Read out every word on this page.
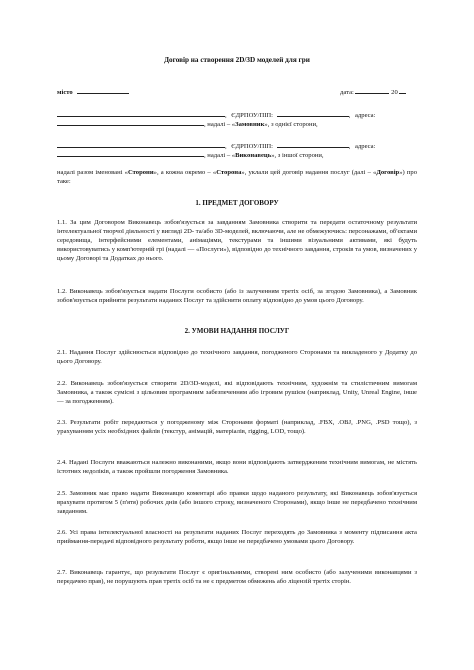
Договір на створення 2D/3D моделей для гри
місто	дата:	20
, ЄДРПОУ/ПІП:	, адреса:
, надалі – «Замовник», з однієї сторони,
, ЄДРПОУ/ПІП:	, адреса:
, надалі – «Виконавець», з іншої сторони,
надалі разом іменовані «Сторони», а кожна окремо – «Сторона», уклали цей договір надання послуг (далі – «Договір») про таке:
1. ПРЕДМЕТ ДОГОВОРУ
1.1. За цим Договором Виконавець зобов'язується за завданням Замовника створити та передати остаточному результати інтелектуальної творчої діяльності у вигляді 2D- та/або 3D-моделей, включаючи, але не обмежуючись: персонажами, об'єктами середовища, інтерфейсними елементами, анімаціями, текстурами та іншими візуальними активами, які будуть використовуватись у комп'ютерній грі (надалі — «Послуги»), відповідно до технічного завдання, строків та умов, визначених у цьому Договорі та Додатках до нього.
1.2. Виконавець зобов'язується надати Послуги особисто (або із залученням третіх осіб, за згодою Замовника), а Замовник зобов'язується прийняти результати наданих Послуг та здійснити оплату відповідно до умов цього Договору.
2. УМОВИ НАДАННЯ ПОСЛУГ
2.1. Надання Послуг здійснюється відповідно до технічного завдання, погодженого Сторонами та викладеного у Додатку до цього Договору.
2.2. Виконавець зобов'язується створити 2D/3D-моделі, які відповідають технічним, художнім та стилістичним вимогам Замовника, а також сумісні з цільовим програмним забезпеченням або ігровим рушієм (наприклад, Unity, Unreal Engine, інше — за погодженням).
2.3. Результати робіт передаються у погодженому між Сторонами форматі (наприклад, .FBX, .OBJ, .PNG, .PSD тощо), з урахуванням усіх необхідних файлів (текстур, анімацій, матеріалів, rigging, LOD, тощо).
2.4. Надані Послуги вважаються належно виконаними, якщо вони відповідають затвердженим технічним вимогам, не містять істотних недоліків, а також пройшли погодження Замовника.
2.5. Замовник має право надати Виконавцю коментарі або правки щодо наданого результату, які Виконавець зобов'язується врахувати протягом 5 (п'ятя) робочих днів (або іншого строку, визначеного Сторонами), якщо інше не передбачено технічним завданням.
2.6. Усі права інтелектуальної власності на результати наданих Послуг переходять до Замовника з моменту підписання акта приймання-передачі відповідного результату роботи, якщо інше не передбачено умовами цього Договору.
2.7. Виконавець гарантує, що результати Послуг є оригінальними, створені ним особисто (або залученими виконавцями з передачею прав), не порушують прав третіх осіб та не є предметом обмежень або ліцензій третіх сторін.
